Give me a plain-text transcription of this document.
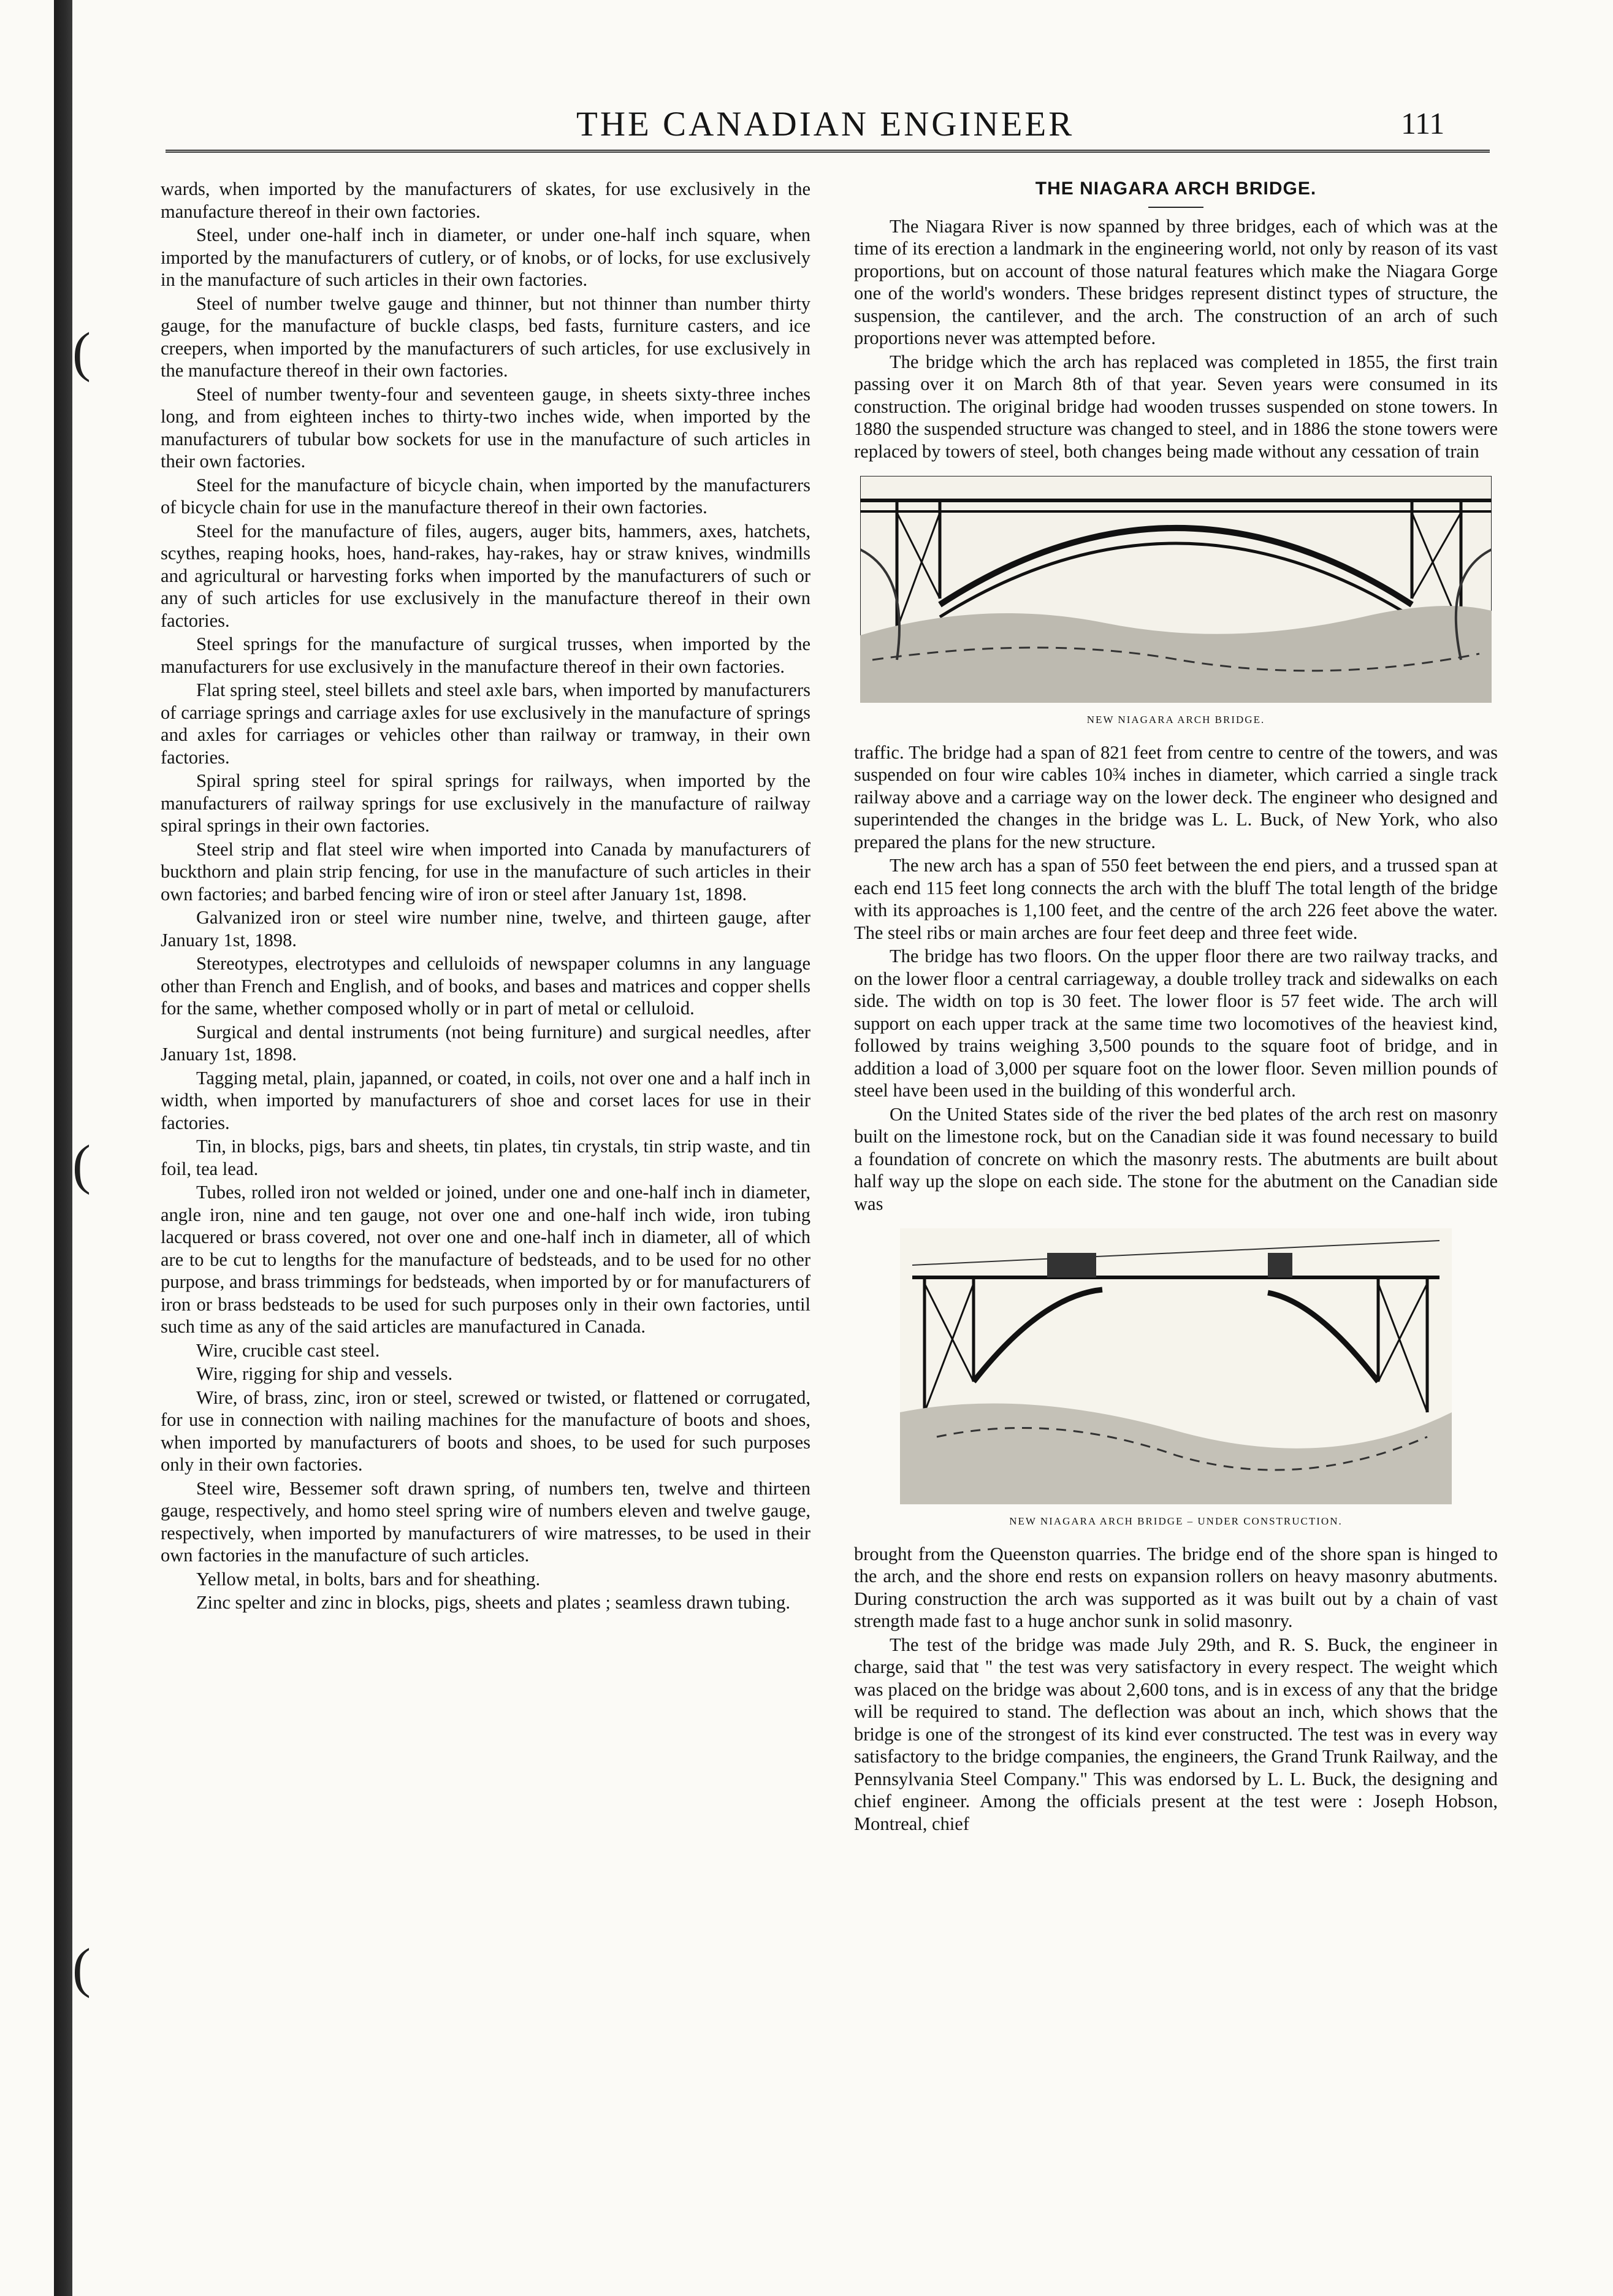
(
(
(
THE CANADIAN ENGINEER	111

wards, when imported by the manufacturers of skates, for use exclusively in the manufacture thereof in their own factories.

Steel, under one-half inch in diameter, or under one-half inch square, when imported by the manufacturers of cutlery, or of knobs, or of locks, for use exclusively in the manufacture of such articles in their own factories.

Steel of number twelve gauge and thinner, but not thinner than number thirty gauge, for the manufacture of buckle clasps, bed fasts, furniture casters, and ice creepers, when imported by the manufacturers of such articles, for use exclusively in the manufacture thereof in their own factories.

Steel of number twenty-four and seventeen gauge, in sheets sixty-three inches long, and from eighteen inches to thirty-two inches wide, when imported by the manufacturers of tubular bow sockets for use in the manufacture of such articles in their own factories.

Steel for the manufacture of bicycle chain, when imported by the manufacturers of bicycle chain for use in the manufacture thereof in their own factories.

Steel for the manufacture of files, augers, auger bits, hammers, axes, hatchets, scythes, reaping hooks, hoes, hand-rakes, hay-rakes, hay or straw knives, windmills and agricultural or harvesting forks when imported by the manufacturers of such or any of such articles for use exclusively in the manufacture thereof in their own factories.

Steel springs for the manufacture of surgical trusses, when imported by the manufacturers for use exclusively in the manufacture thereof in their own factories.

Flat spring steel, steel billets and steel axle bars, when imported by manufacturers of carriage springs and carriage axles for use exclusively in the manufacture of springs and axles for carriages or vehicles other than railway or tramway, in their own factories.

Spiral spring steel for spiral springs for railways, when imported by the manufacturers of railway springs for use exclusively in the manufacture of railway spiral springs in their own factories.

Steel strip and flat steel wire when imported into Canada by manufacturers of buckthorn and plain strip fencing, for use in the manufacture of such articles in their own factories; and barbed fencing wire of iron or steel after January 1st, 1898.

Galvanized iron or steel wire number nine, twelve, and thirteen gauge, after January 1st, 1898.

Stereotypes, electrotypes and celluloids of newspaper columns in any language other than French and English, and of books, and bases and matrices and copper shells for the same, whether composed wholly or in part of metal or celluloid.

Surgical and dental instruments (not being furniture) and surgical needles, after January 1st, 1898.

Tagging metal, plain, japanned, or coated, in coils, not over one and a half inch in width, when imported by manufacturers of shoe and corset laces for use in their factories.

Tin, in blocks, pigs, bars and sheets, tin plates, tin crystals, tin strip waste, and tin foil, tea lead.

Tubes, rolled iron not welded or joined, under one and one-half inch in diameter, angle iron, nine and ten gauge, not over one and one-half inch wide, iron tubing lacquered or brass covered, not over one and one-half inch in diameter, all of which are to be cut to lengths for the manufacture of bedsteads, and to be used for no other purpose, and brass trimmings for bedsteads, when imported by or for manufacturers of iron or brass bedsteads to be used for such purposes only in their own factories, until such time as any of the said articles are manufactured in Canada.

Wire, crucible cast steel.

Wire, rigging for ship and vessels.

Wire, of brass, zinc, iron or steel, screwed or twisted, or flattened or corrugated, for use in connection with nailing machines for the manufacture of boots and shoes, when imported by manufacturers of boots and shoes, to be used for such purposes only in their own factories.

Steel wire, Bessemer soft drawn spring, of numbers ten, twelve and thirteen gauge, respectively, and homo steel spring wire of numbers eleven and twelve gauge, respectively, when imported by manufacturers of wire matresses, to be used in their own factories in the manufacture of such articles.

Yellow metal, in bolts, bars and for sheathing.

Zinc spelter and zinc in blocks, pigs, sheets and plates ; seamless drawn tubing.

THE NIAGARA ARCH BRIDGE.

The Niagara River is now spanned by three bridges, each of which was at the time of its erection a landmark in the engineering world, not only by reason of its vast proportions, but on account of those natural features which make the Niagara Gorge one of the world's wonders. These bridges represent distinct types of structure, the suspension, the cantilever, and the arch. The construction of an arch of such proportions never was attempted before.

The bridge which the arch has replaced was completed in 1855, the first train passing over it on March 8th of that year. Seven years were consumed in its construction. The original bridge had wooden trusses suspended on stone towers. In 1880 the suspended structure was changed to steel, and in 1886 the stone towers were replaced by towers of steel, both changes being made without any cessation of train

NEW NIAGARA ARCH BRIDGE.

traffic. The bridge had a span of 821 feet from centre to centre of the towers, and was suspended on four wire cables 10¾ inches in diameter, which carried a single track railway above and a carriage way on the lower deck. The engineer who designed and superintended the changes in the bridge was L. L. Buck, of New York, who also prepared the plans for the new structure.

The new arch has a span of 550 feet between the end piers, and a trussed span at each end 115 feet long connects the arch with the bluff The total length of the bridge with its approaches is 1,100 feet, and the centre of the arch 226 feet above the water. The steel ribs or main arches are four feet deep and three feet wide.

The bridge has two floors. On the upper floor there are two railway tracks, and on the lower floor a central carriageway, a double trolley track and sidewalks on each side. The width on top is 30 feet. The lower floor is 57 feet wide. The arch will support on each upper track at the same time two locomotives of the heaviest kind, followed by trains weighing 3,500 pounds to the square foot of bridge, and in addition a load of 3,000 per square foot on the lower floor. Seven million pounds of steel have been used in the building of this wonderful arch.

On the United States side of the river the bed plates of the arch rest on masonry built on the limestone rock, but on the Canadian side it was found necessary to build a foundation of concrete on which the masonry rests. The abutments are built about half way up the slope on each side. The stone for the abutment on the Canadian side was

NEW NIAGARA ARCH BRIDGE – UNDER CONSTRUCTION.

brought from the Queenston quarries. The bridge end of the shore span is hinged to the arch, and the shore end rests on expansion rollers on heavy masonry abutments. During construction the arch was supported as it was built out by a chain of vast strength made fast to a huge anchor sunk in solid masonry.

The test of the bridge was made July 29th, and R. S. Buck, the engineer in charge, said that " the test was very satisfactory in every respect. The weight which was placed on the bridge was about 2,600 tons, and is in excess of any that the bridge will be required to stand. The deflection was about an inch, which shows that the bridge is one of the strongest of its kind ever constructed. The test was in every way satisfactory to the bridge companies, the engineers, the Grand Trunk Railway, and the Pennsylvania Steel Company." This was endorsed by L. L. Buck, the designing and chief engineer. Among the officials present at the test were : Joseph Hobson, Montreal, chief
